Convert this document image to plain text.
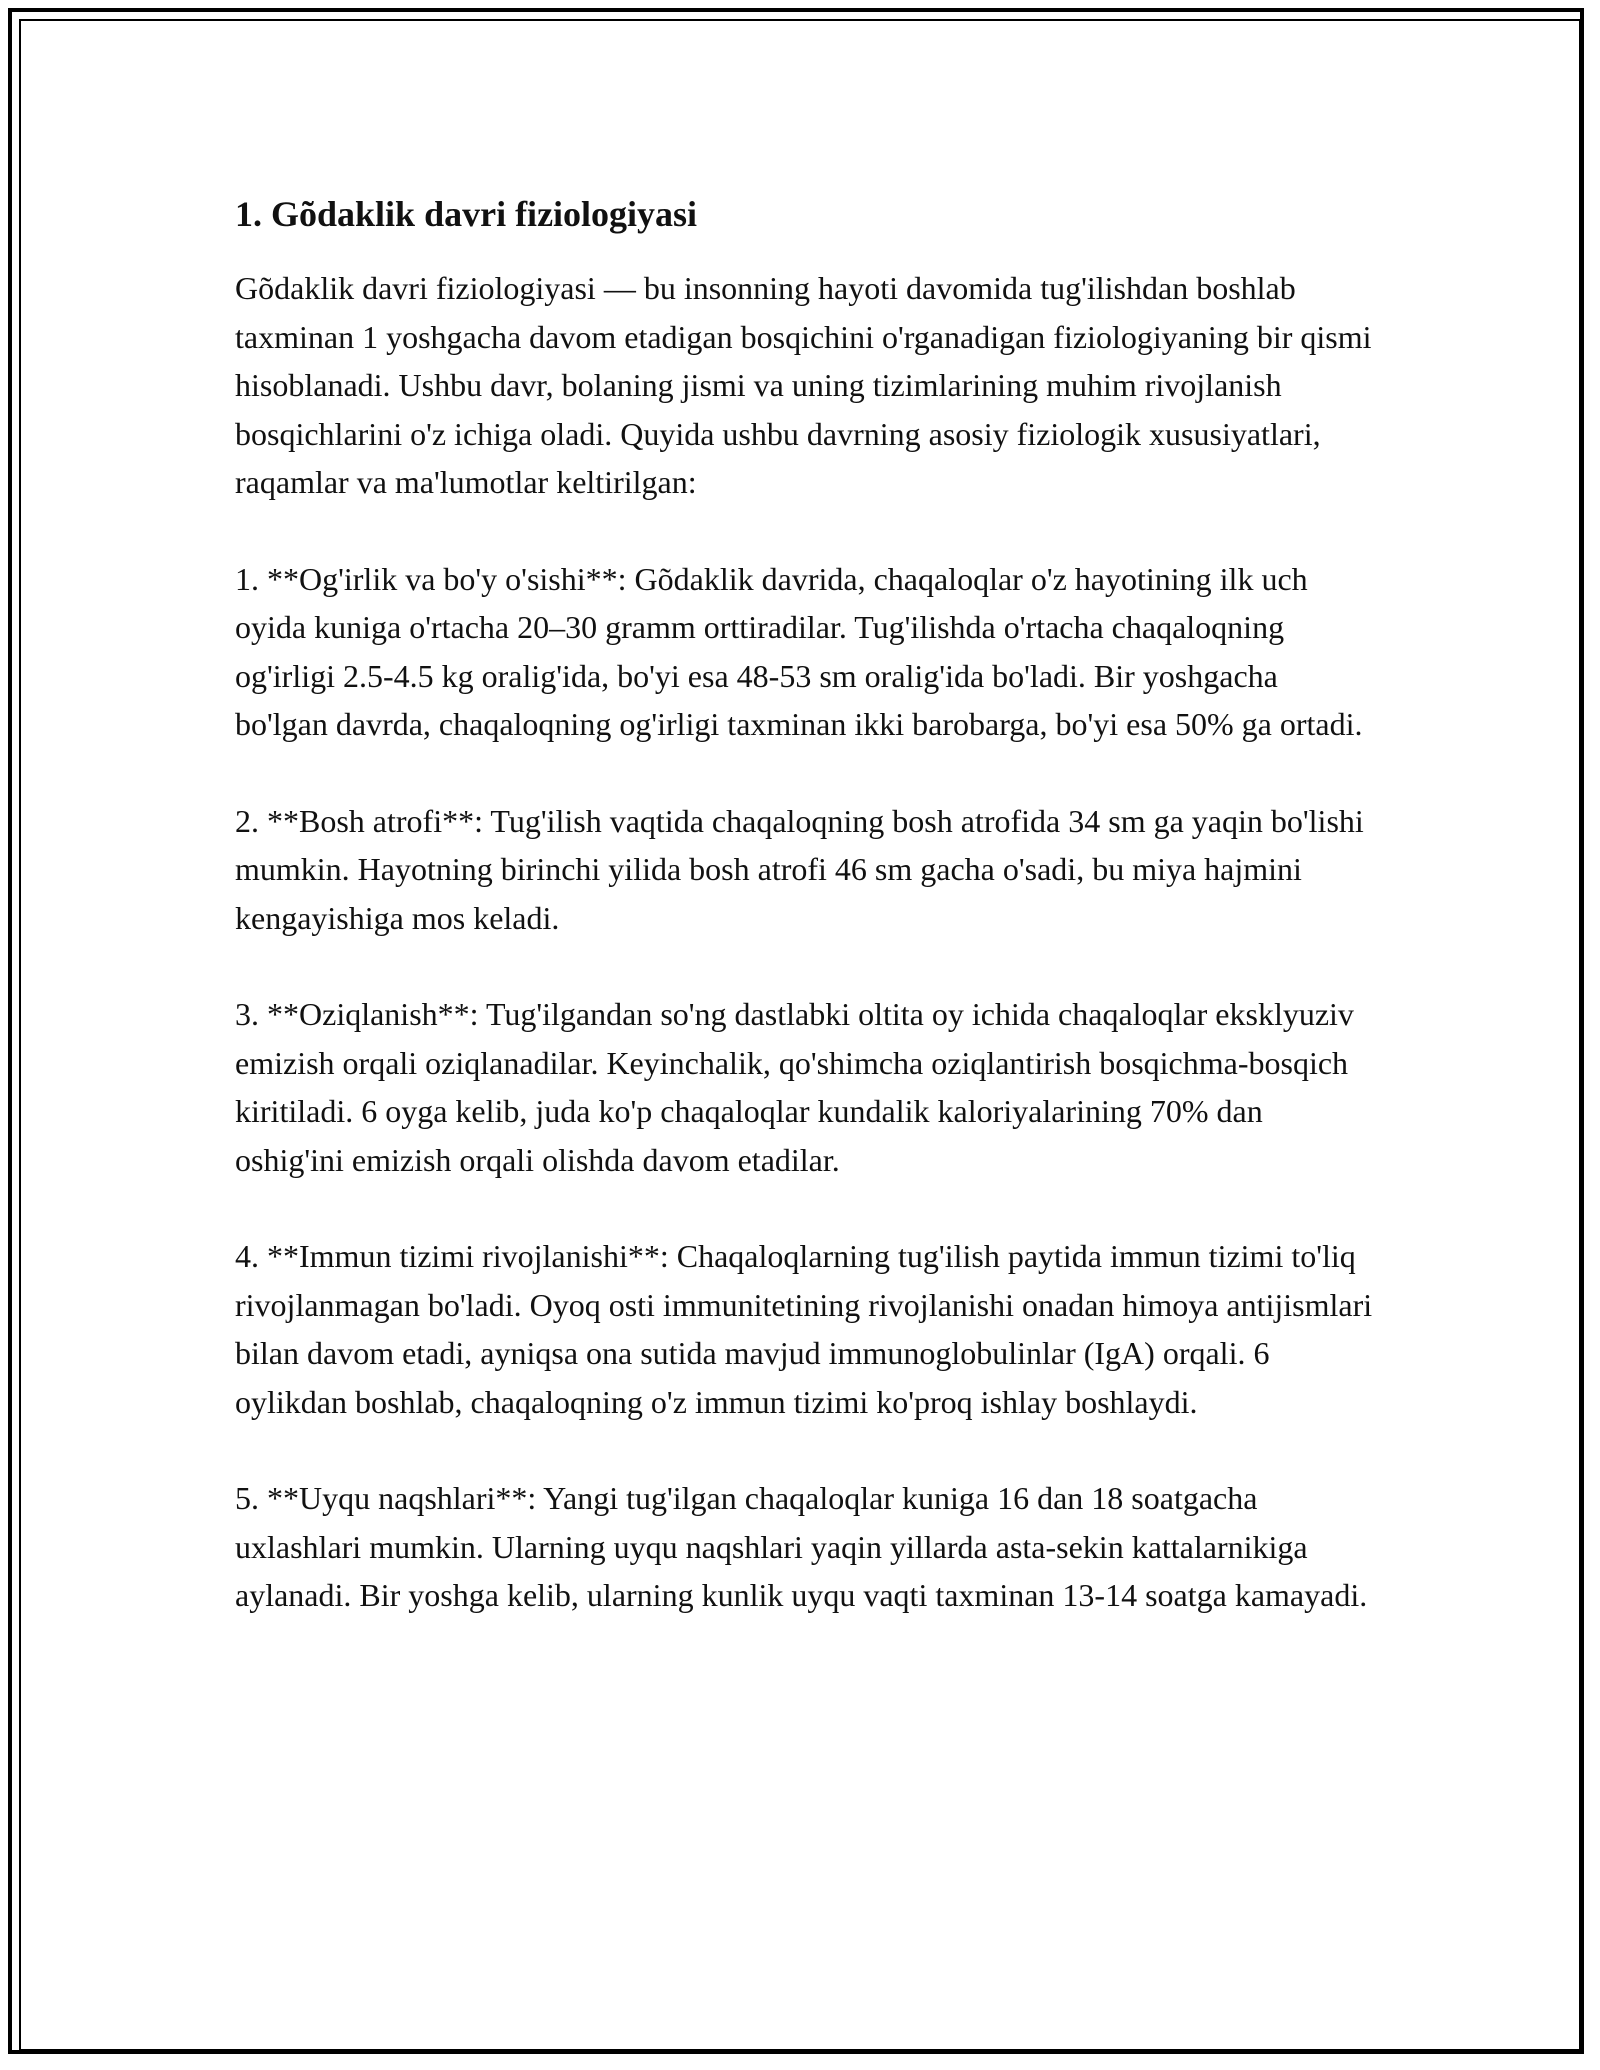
1. Gõdaklik davri fiziologiyasi

Gõdaklik davri fiziologiyasi — bu insonning hayoti davomida tug'ilishdan boshlab taxminan 1 yoshgacha davom etadigan bosqichini o'rganadigan fiziologiyaning bir qismi hisoblanadi. Ushbu davr, bolaning jismi va uning tizimlarining muhim rivojlanish bosqichlarini o'z ichiga oladi. Quyida ushbu davrning asosiy fiziologik xususiyatlari, raqamlar va ma'lumotlar keltirilgan:

1. **Og'irlik va bo'y o'sishi**: Gõdaklik davrida, chaqaloqlar o'z hayotining ilk uch oyida kuniga o'rtacha 20–30 gramm orttiradilar. Tug'ilishda o'rtacha chaqaloqning og'irligi 2.5-4.5 kg oralig'ida, bo'yi esa 48-53 sm oralig'ida bo'ladi. Bir yoshgacha bo'lgan davrda, chaqaloqning og'irligi taxminan ikki barobarga, bo'yi esa 50% ga ortadi.

2. **Bosh atrofi**: Tug'ilish vaqtida chaqaloqning bosh atrofida 34 sm ga yaqin bo'lishi mumkin. Hayotning birinchi yilida bosh atrofi 46 sm gacha o'sadi, bu miya hajmini kengayishiga mos keladi.

3. **Oziqlanish**: Tug'ilgandan so'ng dastlabki oltita oy ichida chaqaloqlar eksklyuziv emizish orqali oziqlanadilar. Keyinchalik, qo'shimcha oziqlantirish bosqichma-bosqich kiritiladi. 6 oyga kelib, juda ko'p chaqaloqlar kundalik kaloriyalarining 70% dan oshig'ini emizish orqali olishda davom etadilar.

4. **Immun tizimi rivojlanishi**: Chaqaloqlarning tug'ilish paytida immun tizimi to'liq rivojlanmagan bo'ladi. Oyoq osti immunitetining rivojlanishi onadan himoya antijismlari bilan davom etadi, ayniqsa ona sutida mavjud immunoglobulinlar (IgA) orqali. 6 oylikdan boshlab, chaqaloqning o'z immun tizimi ko'proq ishlay boshlaydi.

5. **Uyqu naqshlari**: Yangi tug'ilgan chaqaloqlar kuniga 16 dan 18 soatgacha uxlashlari mumkin. Ularning uyqu naqshlari yaqin yillarda asta-sekin kattalarnikiga aylanadi. Bir yoshga kelib, ularning kunlik uyqu vaqti taxminan 13-14 soatga kamayadi.
